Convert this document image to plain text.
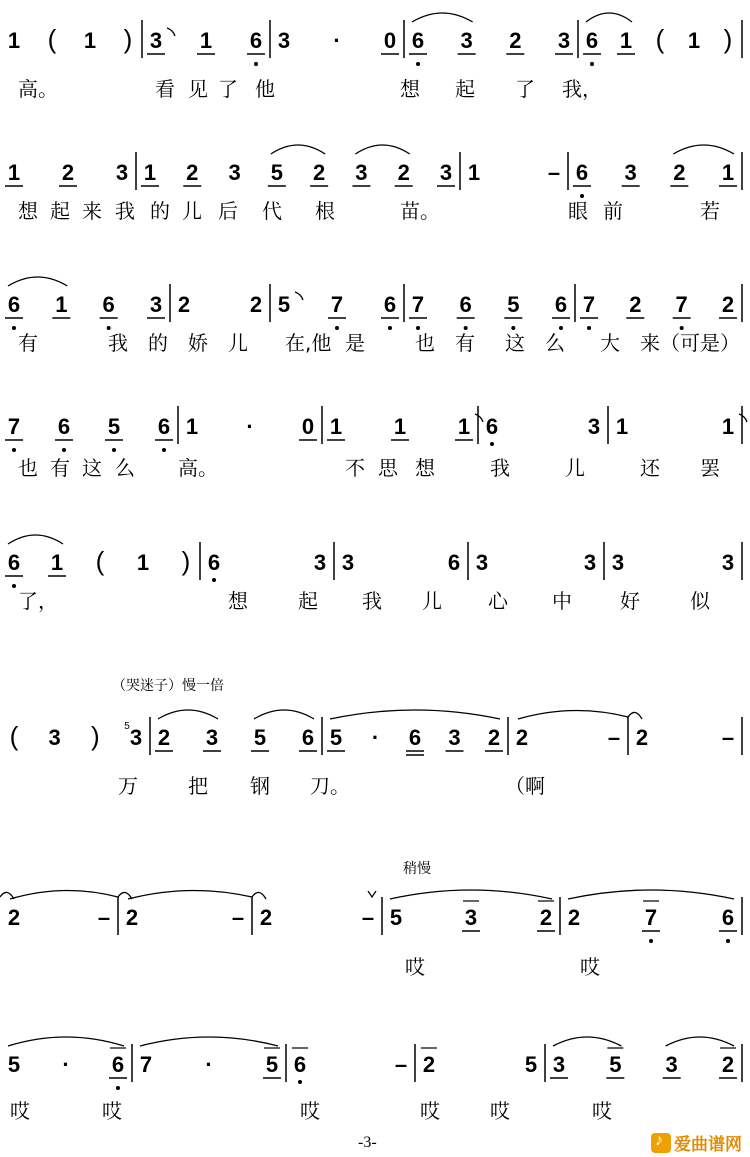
1 ( 1 ) 3 1 6 3 · 0 6 3 2 3 6 1 ( 1 )
1 2 3 1 2 3 5 2 3 2 3 1	– 6 3 2 1
6 1 6 3 2	2 5 7 6 7 6 5 6 7 2 7 2
7 6 5 6 1 · 0 1 1 1 6	3 1	1
6 1 ( 1 ) 6	3 3	6 3	3 3	3
( 3 ) 3
5 2 3 5 6 5 · 6 3 2 2	– 2	–
2	– 2	– 2	– 5	3	2 2	7	6
5 · 6 7 · 5 6	– 2	5 3 5 3 2
高。	看 见 了 他	想 起 了 我，
想 起 来 我 的 儿 后 代 根	苗。	眼 前	若
有	我 的 娇 儿 在,他 是	也 有 这 么 大 来（可 是）
也 有 这 么 高。	不 思 想	我	儿	还 罢
了，	想	起 我 儿 心 中 好	似
万	把 钢 刀。	（啊
哎	哎
哎	哎	哎	哎	哎	哎
（哭迷子）慢一倍
稍慢
-3- ♪	爱曲谱网
